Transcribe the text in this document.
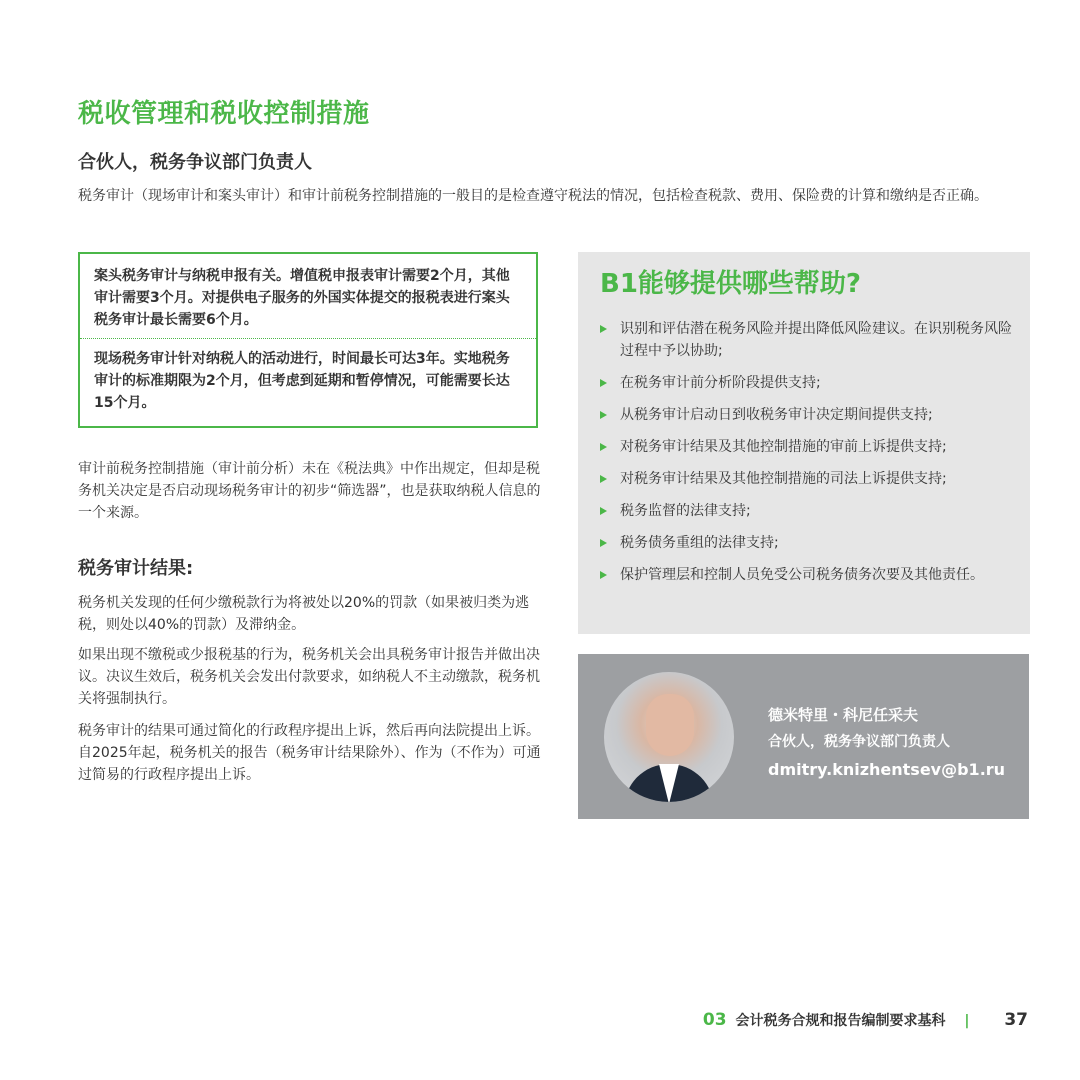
税收管理和税收控制措施
合伙人，税务争议部门负责人

税务审计（现场审计和案头审计）和审计前税务控制措施的一般目的是检查遵守税法的情况，包括检查税款、费用、保险费的计算和缴纳是否正确。

案头税务审计与纳税申报有关。增值税申报表审计需要2个月，其他审计需要3个月。对提供电子服务的外国实体提交的报税表进行案头税务审计最长需要6个月。

现场税务审计针对纳税人的活动进行，时间最长可达3年。实地税务审计的标准期限为2个月，但考虑到延期和暂停情况，可能需要长达15个月。

审计前税务控制措施（审计前分析）未在《税法典》中作出规定，但却是税务机关决定是否启动现场税务审计的初步“筛选器”，也是获取纳税人信息的一个来源。

税务审计结果:

税务机关发现的任何少缴税款行为将被处以20%的罚款（如果被归类为逃税，则处以40%的罚款）及滞纳金。

如果出现不缴税或少报税基的行为，税务机关会出具税务审计报告并做出决议。决议生效后，税务机关会发出付款要求，如纳税人不主动缴款，税务机关将强制执行。

税务审计的结果可通过简化的行政程序提出上诉，然后再向法院提出上诉。自2025年起，税务机关的报告（税务审计结果除外）、作为（不作为）可通过简易的行政程序提出上诉。

B1能够提供哪些帮助?
识别和评估潜在税务风险并提出降低风险建议。在识别税务风险过程中予以协助;
在税务审计前分析阶段提供支持;
从税务审计启动日到收税务审计决定期间提供支持;
对税务审计结果及其他控制措施的审前上诉提供支持;
对税务审计结果及其他控制措施的司法上诉提供支持;
税务监督的法律支持;
税务债务重组的法律支持;
保护管理层和控制人员免受公司税务债务次要及其他责任。
德米特里・科尼任采夫
合伙人，税务争议部门负责人
dmitry.knizhentsev@b1.ru
03 会计税务合规和报告编制要求基科 | 37
